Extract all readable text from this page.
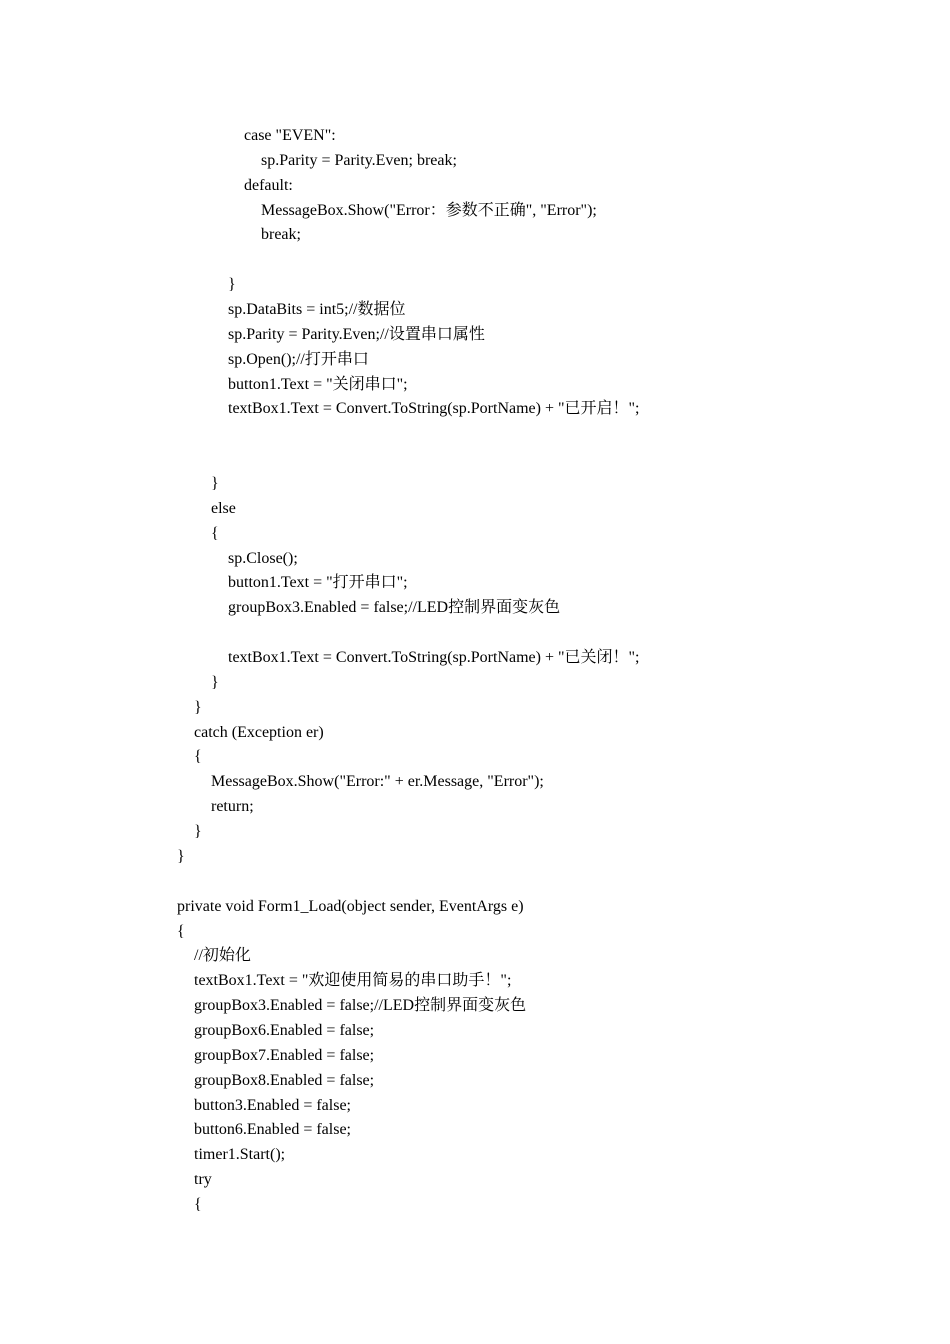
case "EVEN":
sp.Parity = Parity.Even; break;
default:
MessageBox.Show("Error：参数不正确", "Error");
break;
}
sp.DataBits = int5;//数据位
sp.Parity = Parity.Even;//设置串口属性
sp.Open();//打开串口
button1.Text = "关闭串口";
textBox1.Text = Convert.ToString(sp.PortName) + "已开启！";
}
else
{
sp.Close();
button1.Text = "打开串口";
groupBox3.Enabled = false;//LED控制界面变灰色
textBox1.Text = Convert.ToString(sp.PortName) + "已关闭！";
}
}
catch (Exception er)
{
MessageBox.Show("Error:" + er.Message, "Error");
return;
}
}
private void Form1_Load(object sender, EventArgs e)
{
//初始化
textBox1.Text = "欢迎使用简易的串口助手！";
groupBox3.Enabled = false;//LED控制界面变灰色
groupBox6.Enabled = false;
groupBox7.Enabled = false;
groupBox8.Enabled = false;
button3.Enabled = false;
button6.Enabled = false;
timer1.Start();
try
{
